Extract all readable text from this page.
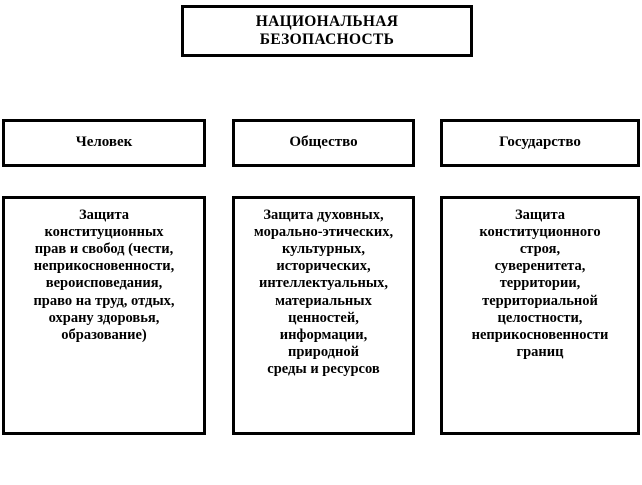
НАЦИОНАЛЬНАЯ
БЕЗОПАСНОСТЬ
Человек	Общество	Государство
Защита
конституционных
прав и свобод (чести,
неприкосновенности,
вероисповедания,
право на труд, отдых,
охрану здоровья,
образование)
Защита духовных,
морально-этических,
культурных,
исторических,
интеллектуальных,
материальных
ценностей,
информации,
природной
среды и ресурсов
Защита
конституционного
строя,
суверенитета,
территории,
территориальной
целостности,
неприкосновенности
границ
